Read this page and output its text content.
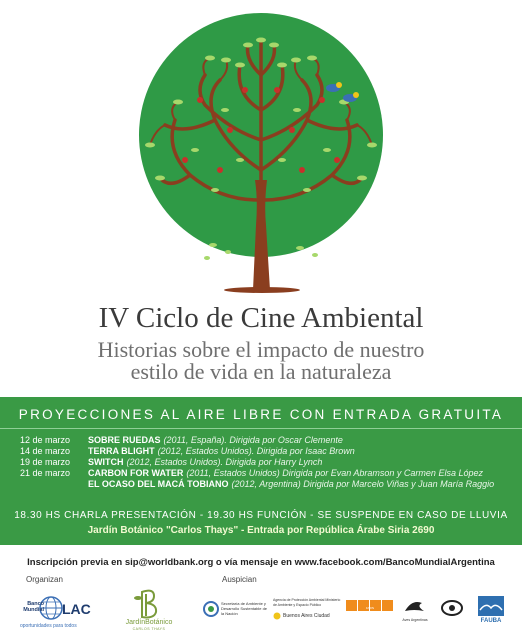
IV Ciclo de Cine Ambiental
Historias sobre el impacto de nuestro
estilo de vida en la naturaleza
PROYECCIONES AL AIRE LIBRE CON ENTRADA GRATUITA
12 de marzo	SOBRE RUEDAS (2011, España). Dirigida por Oscar Clemente
14 de marzo	TERRA BLIGHT (2012, Estados Unidos). Dirigida por Isaac Brown
19 de marzo	SWITCH (2012, Estados Unidos). Dirigida por Harry Lynch
21 de marzo	CARBON FOR WATER (2011, Estados Unidos) Dirigida por Evan Abramson y Carmen Elsa López
EL OCASO DEL MACÁ TOBIANO (2012, Argentina) Dirigida por Marcelo Viñas y Juan María Raggio
18.30 HS CHARLA PRESENTACIÓN - 19.30 HS FUNCIÓN - SE SUSPENDE EN CASO DE LLUVIA
Jardín Botánico "Carlos Thays" - Entrada por República Árabe Siria 2690
Inscripción previa en sip@worldbank.org o vía mensaje en www.facebook.com/BancoMundialArgentina
Organizan	Auspician
Banco Mundial LAC
oportunidades para todos	JardínBotánico
CARLOS THAYS
Secretaría de Ambiente y Desarrollo Sustentable de la Nación
Agencia de Protección Ambiental Ministerio de Ambiente y Espacio Público
Buenos Aires Ciudad
FARN
Aves Argentinas	FAUBA
